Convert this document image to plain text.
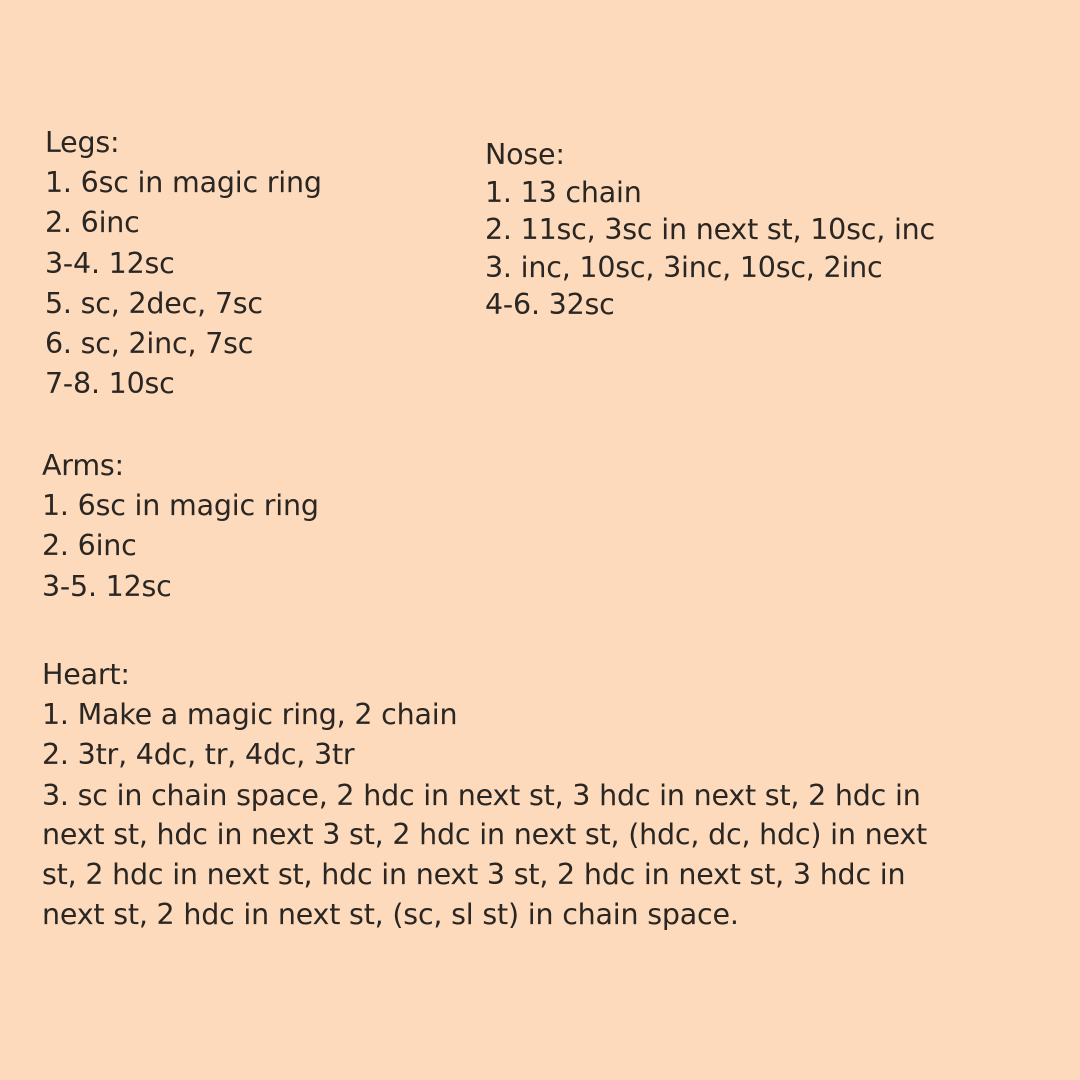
Legs:
1. 6sc in magic ring
2. 6inc
3-4. 12sc
5. sc, 2dec, 7sc
6. sc, 2inc, 7sc
7-8. 10sc
Nose:
1. 13 chain
2. 11sc, 3sc in next st, 10sc, inc
3. inc, 10sc, 3inc, 10sc, 2inc
4-6. 32sc
Arms:
1. 6sc in magic ring
2. 6inc
3-5. 12sc
Heart:
1. Make a magic ring, 2 chain
2. 3tr, 4dc, tr, 4dc, 3tr
3. sc in chain space, 2 hdc in next st, 3 hdc in next st, 2 hdc in next st, hdc in next 3 st, 2 hdc in next st, (hdc, dc, hdc) in next st, 2 hdc in next st, hdc in next 3 st, 2 hdc in next st, 3 hdc in next st, 2 hdc in next st, (sc, sl st) in chain space.
